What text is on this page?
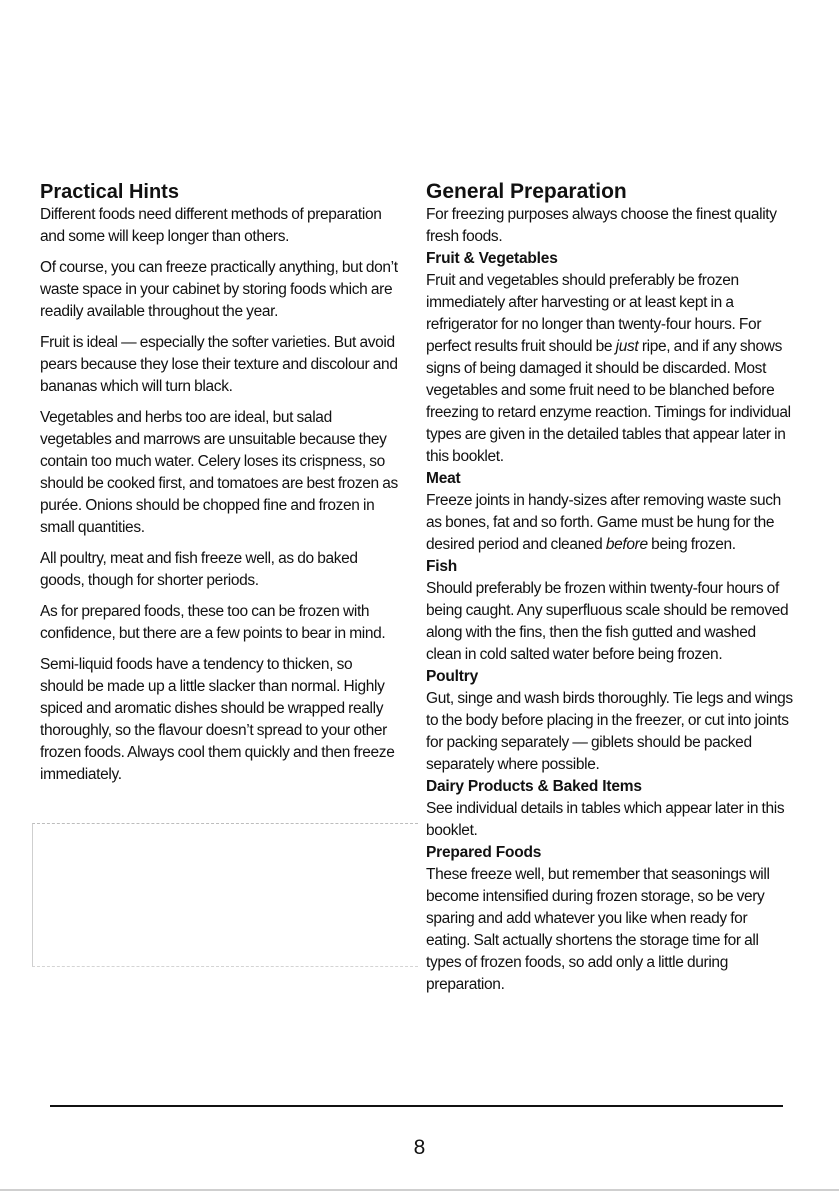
Practical Hints

Different foods need different methods of preparation and some will keep longer than others.

Of course, you can freeze practically anything, but don’t waste space in your cabinet by storing foods which are readily available throughout the year.

Fruit is ideal — especially the softer varieties. But avoid pears because they lose their texture and discolour and bananas which will turn black.

Vegetables and herbs too are ideal, but salad vegetables and marrows are unsuitable because they contain too much water. Celery loses its crispness, so should be cooked first, and tomatoes are best frozen as purée. Onions should be chopped fine and frozen in small quantities.

All poultry, meat and fish freeze well, as do baked goods, though for shorter periods.

As for prepared foods, these too can be frozen with confidence, but there are a few points to bear in mind.

Semi-liquid foods have a tendency to thicken, so should be made up a little slacker than normal. Highly spiced and aromatic dishes should be wrapped really thoroughly, so the flavour doesn’t spread to your other frozen foods. Always cool them quickly and then freeze immediately.

General Preparation

For freezing purposes always choose the finest quality fresh foods.

Fruit & Vegetables

Fruit and vegetables should preferably be frozen immediately after harvesting or at least kept in a refrigerator for no longer than twenty-four hours. For perfect results fruit should be just ripe, and if any shows signs of being damaged it should be discarded. Most vegetables and some fruit need to be blanched before freezing to retard enzyme reaction. Timings for individual types are given in the detailed tables that appear later in this booklet.

Meat

Freeze joints in handy-sizes after removing waste such as bones, fat and so forth. Game must be hung for the desired period and cleaned before being frozen.

Fish

Should preferably be frozen within twenty-four hours of being caught. Any superfluous scale should be removed along with the fins, then the fish gutted and washed clean in cold salted water before being frozen.

Poultry

Gut, singe and wash birds thoroughly. Tie legs and wings to the body before placing in the freezer, or cut into joints for packing separately — giblets should be packed separately where possible.

Dairy Products & Baked Items

See individual details in tables which appear later in this booklet.

Prepared Foods

These freeze well, but remember that seasonings will become intensified during frozen storage, so be very sparing and add whatever you like when ready for eating. Salt actually shortens the storage time for all types of frozen foods, so add only a little during preparation.

8
